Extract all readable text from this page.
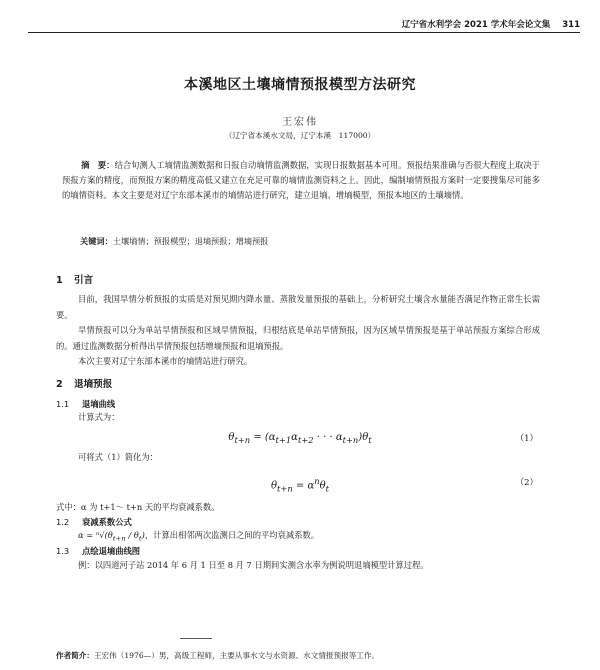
辽宁省水利学会 2021 学术年会论文集 311
本溪地区土壤墒情预报模型方法研究
王宏伟
（辽宁省本溪水文局，辽宁本溪　117000）
摘　要：结合旬测人工墒情监测数据和日报自动墒情监测数据，实现日报数据基本可用。预报结果准确与否很大程度上取决于预报方案的精度，而预报方案的精度高低又建立在充足可靠的墒情监测资料之上。因此，编制墒情预报方案时一定要搜集尽可能多的墒情资料。本文主要是对辽宁东部本溪市的墒情站进行研究，建立退墒、增墒模型，预报本地区的土壤墒情。
关键词：土壤墒情；预报模型；退墒预报；增墒预报
1 引言
目前，我国旱情分析预报的实质是对预见期内降水量、蒸散发量预报的基础上，分析研究土壤含水量能否满足作物正常生长需要。
旱情预报可以分为单站旱情预报和区域旱情预报，归根结底是单站旱情预报，因为区域旱情预报是基于单站预报方案综合形成的。通过监测数据分析得出旱情预报包括增墒预报和退墒预报。
本次主要对辽宁东部本溪市的墒情站进行研究。
2 退墒预报
1.1 退墒曲线
计算式为：
$\theta_{t+n} = (\alpha_{t+1}\alpha_{t+2}$ · · · $\alpha_{t+n})\theta_t$	（1）
可将式（1）简化为：
$\theta_{t+n} = \alpha^n\theta_t$
（2）
式中：α 为 t+1～ t+n 天的平均衰减系数。
1.2 衰减系数公式
$\alpha = ^n√(\theta_{t+n} / \theta_t)$，计算出相邻两次监测日之间的平均衰减系数。
1.3 点绘退墒曲线图
例：以四道河子站 2014 年 6 月 1 日至 8 月 7 日期间实测含水率为例说明退墒模型计算过程。
作者简介：王宏伟（1976—）男，高级工程师，主要从事水文与水资源、水文情报预报等工作。
